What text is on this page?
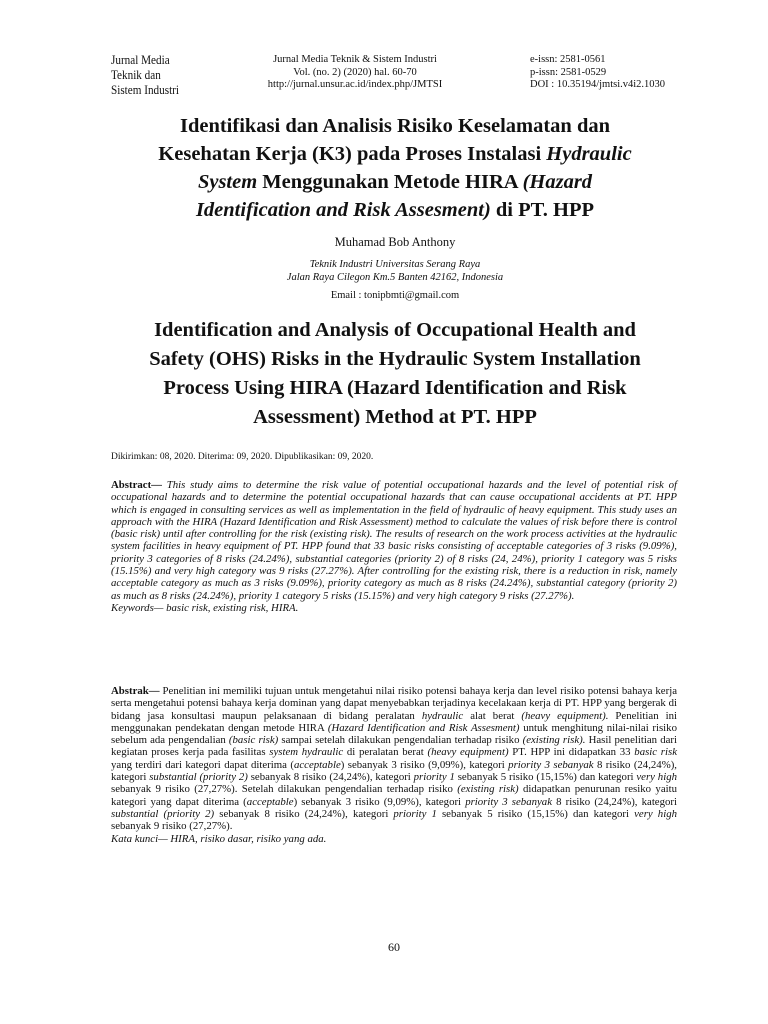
Jurnal Media
Teknik dan
Sistem Industri
Jurnal Media Teknik & Sistem Industri
Vol. (no. 2) (2020) hal. 60-70
http://jurnal.unsur.ac.id/index.php/JMTSI
e-issn: 2581-0561
p-issn: 2581-0529
DOI : 10.35194/jmtsi.v4i2.1030
Identifikasi dan Analisis Risiko Keselamatan dan
Kesehatan Kerja (K3) pada Proses Instalasi Hydraulic
System Menggunakan Metode HIRA (Hazard
Identification and Risk Assesment) di PT. HPP
Muhamad Bob Anthony
Teknik Industri Universitas Serang Raya
Jalan Raya Cilegon Km.5 Banten 42162, Indonesia
Email : tonipbmti@gmail.com
Identification and Analysis of Occupational Health and
Safety (OHS) Risks in the Hydraulic System Installation
Process Using HIRA (Hazard Identification and Risk
Assessment) Method at PT. HPP
Dikirimkan: 08, 2020. Diterima: 09, 2020. Dipublikasikan: 09, 2020.
Abstract— This study aims to determine the risk value of potential occupational hazards and the level of potential risk of occupational hazards and to determine the potential occupational hazards that can cause occupational accidents at PT. HPP which is engaged in consulting services as well as implementation in the field of hydraulic of heavy equipment. This study uses an approach with the HIRA (Hazard Identification and Risk Assessment) method to calculate the values of risk before there is control (basic risk) until after controlling for the risk (existing risk). The results of research on the work process activities at the hydraulic system facilities in heavy equipment of PT. HPP found that 33 basic risks consisting of acceptable categories of 3 risks (9.09%), priority 3 categories of 8 risks (24.24%), substantial categories (priority 2) of 8 risks (24, 24%), priority 1 category was 5 risks (15.15%) and very high category was 9 risks (27.27%). After controlling for the existing risk, there is a reduction in risk, namely acceptable category as much as 3 risks (9.09%), priority category as much as 8 risks (24.24%), substantial category (priority 2) as much as 8 risks (24.24%), priority 1 category 5 risks (15.15%) and very high category 9 risks (27.27%).
Keywords— basic risk, existing risk, HIRA.
Abstrak— Penelitian ini memiliki tujuan untuk mengetahui nilai risiko potensi bahaya kerja dan level risiko potensi bahaya kerja serta mengetahui potensi bahaya kerja dominan yang dapat menyebabkan terjadinya kecelakaan kerja di PT. HPP yang bergerak di bidang jasa konsultasi maupun pelaksanaan di bidang peralatan hydraulic alat berat (heavy equipment). Penelitian ini menggunakan pendekatan dengan metode HIRA (Hazard Identification and Risk Assesment) untuk menghitung nilai-nilai risiko sebelum ada pengendalian (basic risk) sampai setelah dilakukan pengendalian terhadap risiko (existing risk). Hasil penelitian dari kegiatan proses kerja pada fasilitas system hydraulic di peralatan berat (heavy equipment) PT. HPP ini didapatkan 33 basic risk yang terdiri dari kategori dapat diterima (acceptable) sebanyak 3 risiko (9,09%), kategori priority 3 sebanyak 8 risiko (24,24%), kategori substantial (priority 2) sebanyak 8 risiko (24,24%), kategori priority 1 sebanyak 5 risiko (15,15%) dan kategori very high sebanyak 9 risiko (27,27%). Setelah dilakukan pengendalian terhadap risiko (existing risk) didapatkan penurunan resiko yaitu kategori yang dapat diterima (acceptable) sebanyak 3 risiko (9,09%), kategori priority 3 sebanyak 8 risiko (24,24%), kategori substantial (priority 2) sebanyak 8 risiko (24,24%), kategori priority 1 sebanyak 5 risiko (15,15%) dan kategori very high sebanyak 9 risiko (27,27%).
Kata kunci— HIRA, risiko dasar, risiko yang ada.
60
